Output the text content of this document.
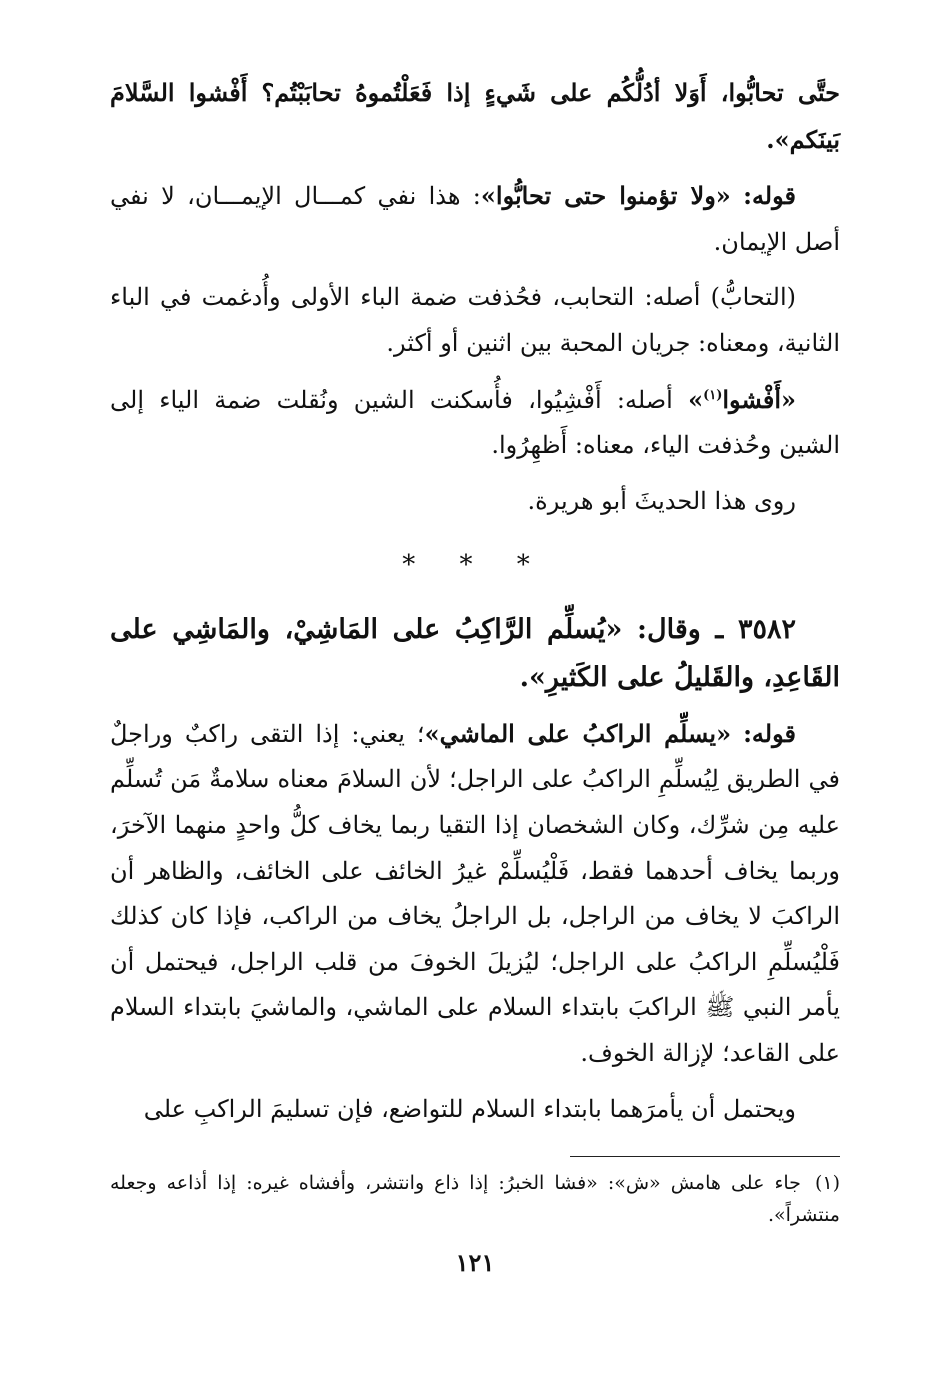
حتَّى تحابُّوا، أَوَلا أدُلُّكُم على شَيءٍ إذا فَعَلْتُموهُ تحابَبْتُم؟ أَفْشوا السَّلامَ بَينَكم».

قوله: «ولا تؤمنوا حتى تحابُّوا»: هذا نفي كمـــال الإيمـــان، لا نفي أصل الإيمان.

(التحابُّ) أصله: التحابب، فحُذفت ضمة الباء الأولى وأُدغمت في الباء الثانية، ومعناه: جريان المحبة بين اثنين أو أكثر.

«أَفْشوا$^{(١)}$» أصله: أَفْشِيُوا، فأُسكنت الشين ونُقلت ضمة الياء إلى الشين وحُذفت الياء، معناه: أَظهِرُوا.

روى هذا الحديثَ أبو هريرة.

* * *

٣٥٨٢ ـ وقال: «يُسلِّم الرَّاكِبُ على المَاشِيْ، والمَاشِي على القَاعِدِ، والقَليلُ على الكَثيرِ».

قوله: «يسلِّم الراكبُ على الماشي»؛ يعني: إذا التقى راكبٌ وراجلٌ في الطريق لِيُسلِّمِ الراكبُ على الراجل؛ لأن السلامَ معناه سلامةٌ مَن تُسلِّم عليه مِن شرِّك، وكان الشخصان إذا التقيا ربما يخاف كلُّ واحدٍ منهما الآخرَ، وربما يخاف أحدهما فقط، فَلْيُسلِّمْ غيرُ الخائف على الخائف، والظاهر أن الراكبَ لا يخاف من الراجل، بل الراجلُ يخاف من الراكب، فإذا كان كذلك فَلْيُسلِّمِ الراكبُ على الراجل؛ ليُزيلَ الخوفَ من قلب الراجل، فيحتمل أن يأمر النبي ﷺ الراكبَ بابتداء السلام على الماشي، والماشيَ بابتداء السلام على القاعد؛ لإزالة الخوف.

ويحتمل أن يأمرَهما بابتداء السلام للتواضع، فإن تسليمَ الراكبِ على

(١)جاء على هامش «ش»: «فشا الخبرُ: إذا ذاع وانتشر، وأفشاه غيره: إذا أذاعه وجعله منتشراً».

١٢١
